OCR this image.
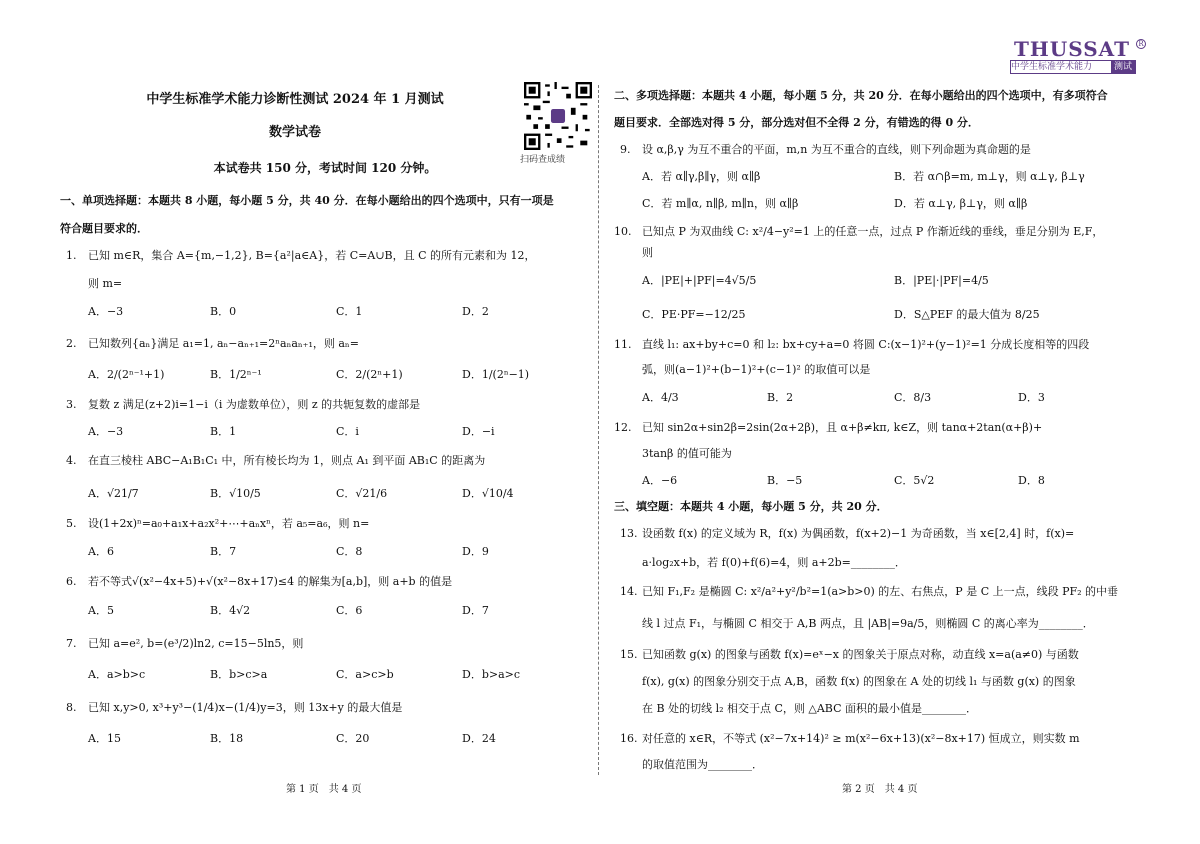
THUSSAT	R
中学生标准学术能力	测试
扫码查成绩
中学生标准学术能力诊断性测试 2024 年 1 月测试
数学试卷
本试卷共 150 分，考试时间 120 分钟。
一、单项选择题：本题共 8 小题，每小题 5 分，共 40 分．在每小题给出的四个选项中，只有一项是
符合题目要求的．
1. 已知 m∈R，集合 A={m,−1,2}, B={a²|a∈A}，若 C=A∪B，且 C 的所有元素和为 12，
则 m=
A．−3	B．0	C．1	D．2
2. 已知数列{aₙ}满足 a₁=1, aₙ−aₙ₊₁=2ⁿaₙaₙ₊₁，则 aₙ=
A．2/(2ⁿ⁻¹+1)	B．1/2ⁿ⁻¹	C．2/(2ⁿ+1)	D．1/(2ⁿ−1)
3. 复数 z 满足(z+2)i=1−i（i 为虚数单位），则 z 的共轭复数的虚部是
A．−3	B．1	C．i	D．−i
4. 在直三棱柱 ABC−A₁B₁C₁ 中，所有棱长均为 1，则点 A₁ 到平面 AB₁C 的距离为
A．√21/7	B．√10/5	C．√21/6	D．√10/4
5. 设(1+2x)ⁿ=a₀+a₁x+a₂x²+⋯+aₙxⁿ，若 a₅=a₆，则 n=
A．6	B．7	C．8	D．9
6. 若不等式√(x²−4x+5)+√(x²−8x+17)≤4 的解集为[a,b]，则 a+b 的值是
A．5	B．4√2	C．6	D．7
7. 已知 a=e², b=(e³/2)ln2, c=15−5ln5，则
A．a>b>c	B．b>c>a	C．a>c>b	D．b>a>c
8. 已知 x,y>0, x³+y³−(1/4)x−(1/4)y=3，则 13x+y 的最大值是
A．15	B．18	C．20	D．24
第 1 页　共 4 页
二、多项选择题：本题共 4 小题，每小题 5 分，共 20 分．在每小题给出的四个选项中，有多项符合
题目要求．全部选对得 5 分，部分选对但不全得 2 分，有错选的得 0 分．
9. 设 α,β,γ 为互不重合的平面，m,n 为互不重合的直线，则下列命题为真命题的是
A．若 α∥γ,β∥γ，则 α∥β	B．若 α∩β=m, m⊥γ，则 α⊥γ, β⊥γ
C．若 m∥α, n∥β, m∥n，则 α∥β	D．若 α⊥γ, β⊥γ，则 α∥β
10. 已知点 P 为双曲线 C: x²/4−y²=1 上的任意一点，过点 P 作渐近线的垂线，垂足分别为 E,F，
则
A．|PE|+|PF|=4√5/5	B．|PE|·|PF|=4/5
C．PE·PF=−12/25	D．S△PEF 的最大值为 8/25
11. 直线 l₁: ax+by+c=0 和 l₂: bx+cy+a=0 将圆 C:(x−1)²+(y−1)²=1 分成长度相等的四段
弧，则(a−1)²+(b−1)²+(c−1)² 的取值可以是
A．4/3	B．2	C．8/3	D．3
12. 已知 sin2α+sin2β=2sin(2α+2β)，且 α+β≠kπ, k∈Z，则 tanα+2tan(α+β)+
3tanβ 的值可能为
A．−6	B．−5	C．5√2	D．8
三、填空题：本题共 4 小题，每小题 5 分，共 20 分．
13. 设函数 f(x) 的定义域为 R，f(x) 为偶函数，f(x+2)−1 为奇函数，当 x∈[2,4] 时，f(x)=
a·log₂x+b，若 f(0)+f(6)=4，则 a+2b=________．
14. 已知 F₁,F₂ 是椭圆 C: x²/a²+y²/b²=1(a>b>0) 的左、右焦点，P 是 C 上一点，线段 PF₂ 的中垂
线 l 过点 F₁，与椭圆 C 相交于 A,B 两点，且 |AB|=9a/5，则椭圆 C 的离心率为________．
15. 已知函数 g(x) 的图象与函数 f(x)=eˣ−x 的图象关于原点对称，动直线 x=a(a≠0) 与函数
f(x), g(x) 的图象分别交于点 A,B，函数 f(x) 的图象在 A 处的切线 l₁ 与函数 g(x) 的图象
在 B 处的切线 l₂ 相交于点 C，则 △ABC 面积的最小值是________．
16. 对任意的 x∈R，不等式 (x²−7x+14)² ≥ m(x²−6x+13)(x²−8x+17) 恒成立，则实数 m
的取值范围为________．
第 2 页　共 4 页
